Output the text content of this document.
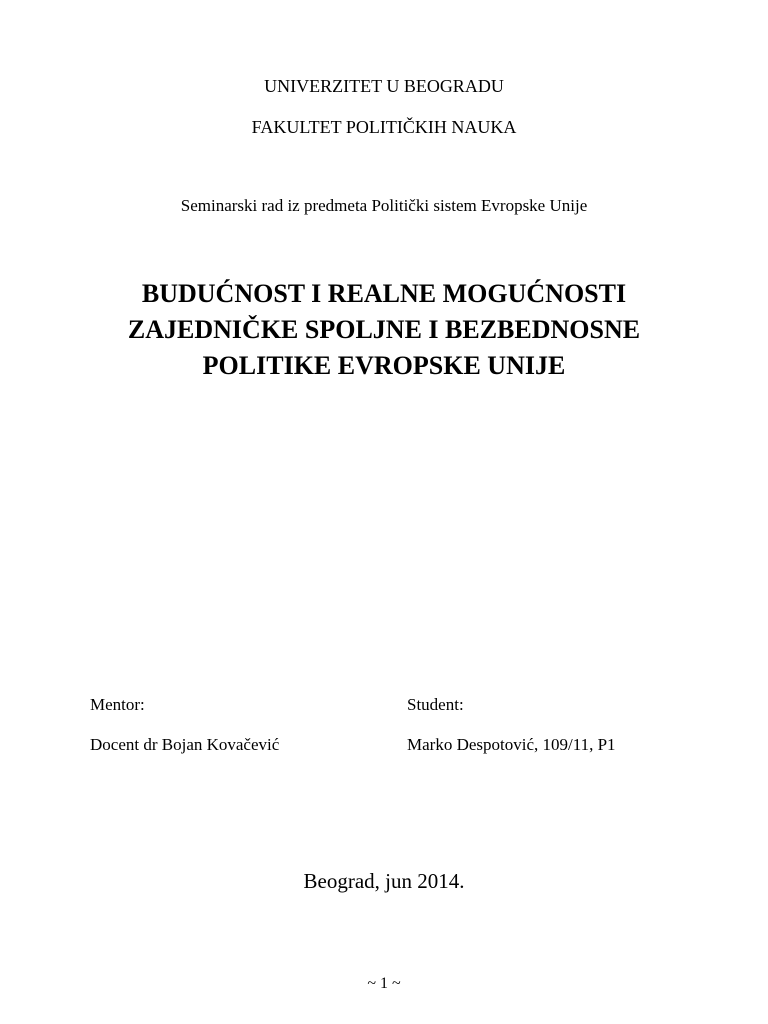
UNIVERZITET U BEOGRADU
FAKULTET POLITIČKIH NAUKA
Seminarski rad iz predmeta Politički sistem Evropske Unije
BUDUĆNOST I REALNE MOGUĆNOSTI
ZAJEDNIČKE SPOLJNE I BEZBEDNOSNE
POLITIKE EVROPSKE UNIJE
Mentor:
Docent dr Bojan Kovačević
Student:
Marko Despotović, 109/11, P1
Beograd, jun 2014.
~ 1 ~
